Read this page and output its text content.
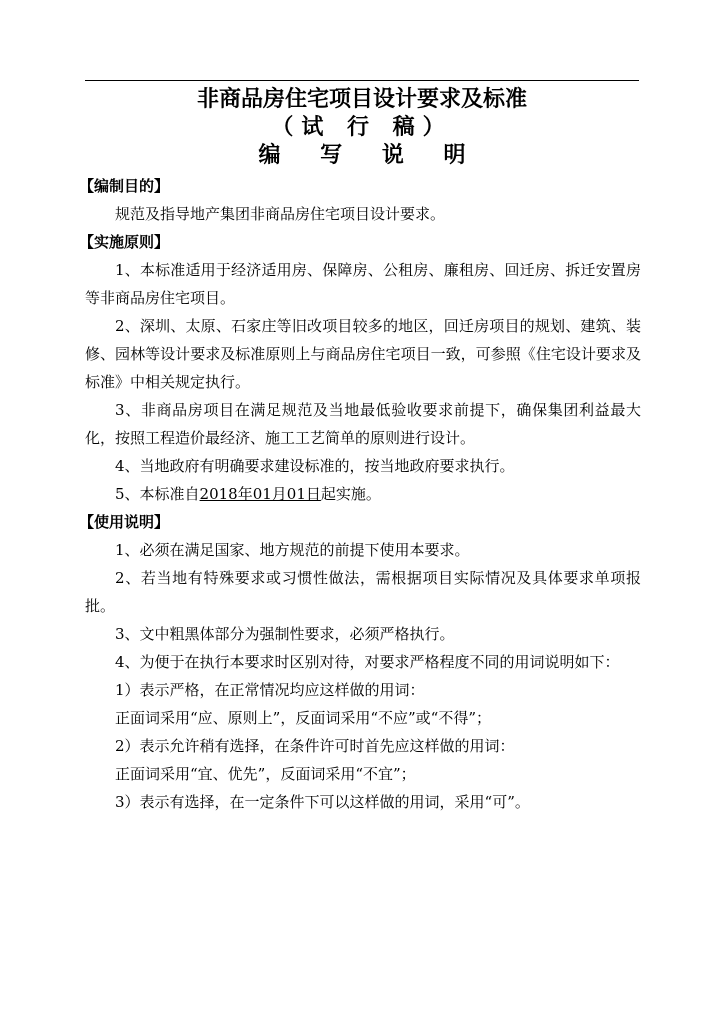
非商品房住宅项目设计要求及标准
（试 行 稿）
编 写 说 明
【编制目的】

规范及指导地产集团非商品房住宅项目设计要求。

【实施原则】

1、本标准适用于经济适用房、保障房、公租房、廉租房、回迁房、拆迁安置房等非商品房住宅项目。

2、深圳、太原、石家庄等旧改项目较多的地区，回迁房项目的规划、建筑、装修、园林等设计要求及标准原则上与商品房住宅项目一致，可参照《住宅设计要求及标准》中相关规定执行。

3、非商品房项目在满足规范及当地最低验收要求前提下，确保集团利益最大化，按照工程造价最经济、施工工艺简单的原则进行设计。

4、当地政府有明确要求建设标准的，按当地政府要求执行。

5、本标准自2018年01月01日起实施。

【使用说明】

1、必须在满足国家、地方规范的前提下使用本要求。

2、若当地有特殊要求或习惯性做法，需根据项目实际情况及具体要求单项报批。

3、文中粗黑体部分为强制性要求，必须严格执行。

4、为便于在执行本要求时区别对待，对要求严格程度不同的用词说明如下：

1）表示严格，在正常情况均应这样做的用词：

正面词采用“应、原则上”，反面词采用“不应”或“不得”；

2）表示允许稍有选择，在条件许可时首先应这样做的用词：

正面词采用“宜、优先”，反面词采用“不宜”；

3）表示有选择，在一定条件下可以这样做的用词，采用“可”。
